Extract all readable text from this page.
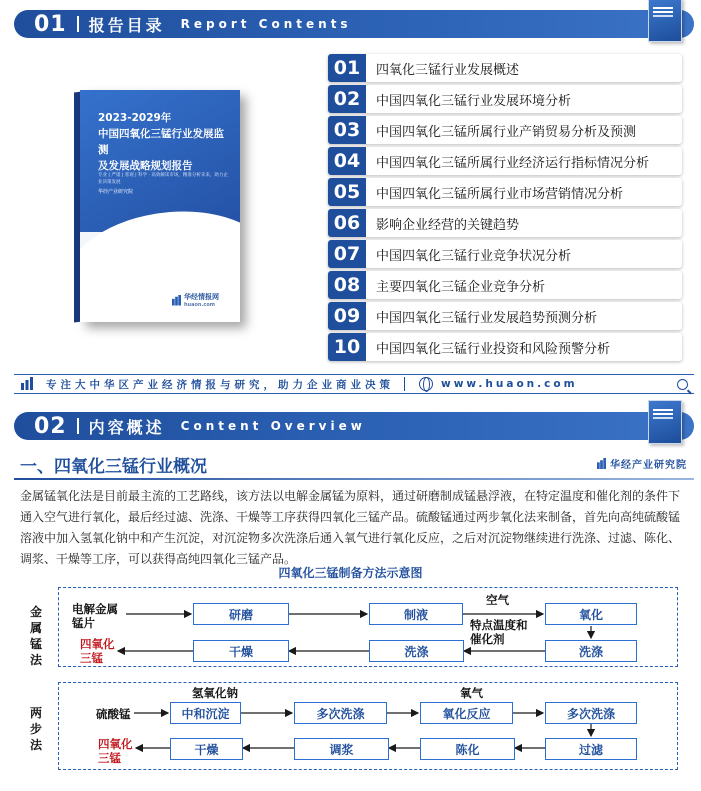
01 报告目录 Report Contents
2023-2029年
中国四氧化三锰行业发展监测
及发展战略规划报告
专业 | 严谨 | 客观 | 科学 · 高效解读市场，精准分析未来，助力企业决策发展
华经产业研究院
华经情报网
huaon.com
01	四氧化三锰行业发展概述
02	中国四氧化三锰行业发展环境分析
03	中国四氧化三锰所属行业产销贸易分析及预测
04	中国四氧化三锰所属行业经济运行指标情况分析
05	中国四氧化三锰所属行业市场营销情况分析
06	影响企业经营的关键趋势
07	中国四氧化三锰行业竞争状况分析
08	主要四氧化三锰企业竞争分析
09	中国四氧化三锰行业发展趋势预测分析
10	中国四氧化三锰行业投资和风险预警分析
专注大中华区产业经济情报与研究，助力企业商业决策	www.huaon.com
02 内容概述 Content Overview
一、四氧化三锰行业概况	华经产业研究院
金属锰氧化法是目前最主流的工艺路线，该方法以电解金属锰为原料，通过研磨制成锰悬浮液，在特定温度和催化剂的条件下通入空气进行氧化，最后经过滤、洗涤、干燥等工序获得四氧化三锰产品。硫酸锰通过两步氧化法来制备，首先向高纯硫酸锰溶液中加入氢氧化钠中和产生沉淀，对沉淀物多次洗涤后通入氧气进行氧化反应，之后对沉淀物继续进行洗涤、过滤、陈化、调浆、干燥等工序，可以获得高纯四氧化三锰产品。
四氧化三锰制备方法示意图
金属锰法
两步法
电解金属锰片
研磨	制液
空气
特点温度和催化剂
氧化
洗涤
洗涤
干燥
四氧化三锰
硫酸锰
氢氧化钠	氧气
中和沉淀	多次洗涤	氧化反应	多次洗涤
过滤
陈化
调浆
干燥
四氧化三锰
